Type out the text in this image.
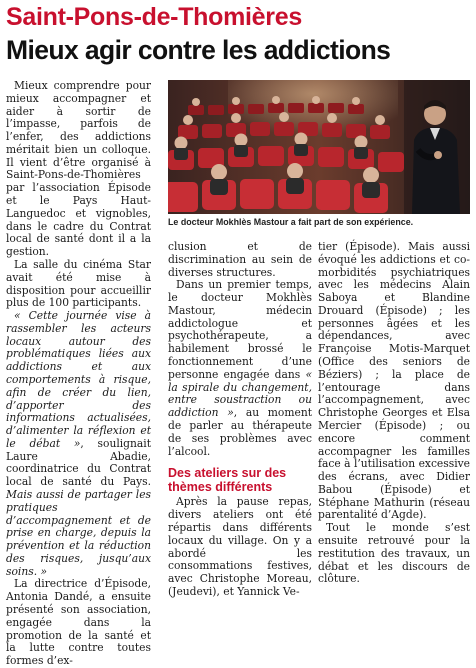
Saint-Pons-de-Thomières
Mieux agir contre les addictions

Mieux comprendre pour mieux accompagner et aider à sortir de l’impasse, parfois de l’enfer, des addictions méritait bien un colloque. Il vient d’être organisé à Saint-Pons-de-Thomières par l’association Épisode et le Pays Haut-Languedoc et vignobles, dans le cadre du Contrat local de santé dont il a la gestion.

La salle du cinéma Star avait été mise à disposition pour accueillir plus de 100 participants.

« Cette journée vise à rassembler les acteurs locaux autour des problématiques liées aux addictions et aux comportements à risque, afin de créer du lien, d’apporter des informations actualisées, d’alimenter la réflexion et le débat », soulignait Laure Abadie, coordinatrice du Contrat local de santé du Pays. Mais aussi de partager les pratiques d’accompagnement et de prise en charge, depuis la prévention et la réduction des risques, jusqu’aux soins. »

La directrice d’Épisode, Antonia Dandé, a ensuite présenté son association, engagée dans la promotion de la santé et la lutte contre toutes formes d’ex-

Le docteur Mokhlès Mastour a fait part de son expérience.

clusion et de discrimination au sein de diverses structures.

Dans un premier temps, le docteur Mokhlès Mastour, médecin addictologue et psychothérapeute, a habilement brossé le fonctionnement d’une personne engagée dans « la spirale du changement, entre soustraction ou addiction », au moment de parler au thérapeute de ses problèmes avec l’alcool.

Des ateliers sur des thèmes différents

Après la pause repas, divers ateliers ont été répartis dans différents locaux du village. On y a abordé les consommations festives, avec Christophe Moreau, (Jeudevi), et Yannick Ve-

tier (Épisode). Mais aussi évoqué les addictions et co-morbidités psychiatriques avec les médecins Alain Saboya et Blandine Drouard (Épisode) ; les personnes âgées et les dépendances, avec Françoise Motis-Marquet (Office des seniors de Béziers) ; la place de l’entourage dans l’accompagnement, avec Christophe Georges et Elsa Mercier (Épisode) ; ou encore comment accompagner les familles face à l’utilisation excessive des écrans, avec Didier Babou (Épisode) et Stéphane Mathurin (réseau parentalité d’Agde).

Tout le monde s’est ensuite retrouvé pour la restitution des travaux, un débat et les discours de clôture.
